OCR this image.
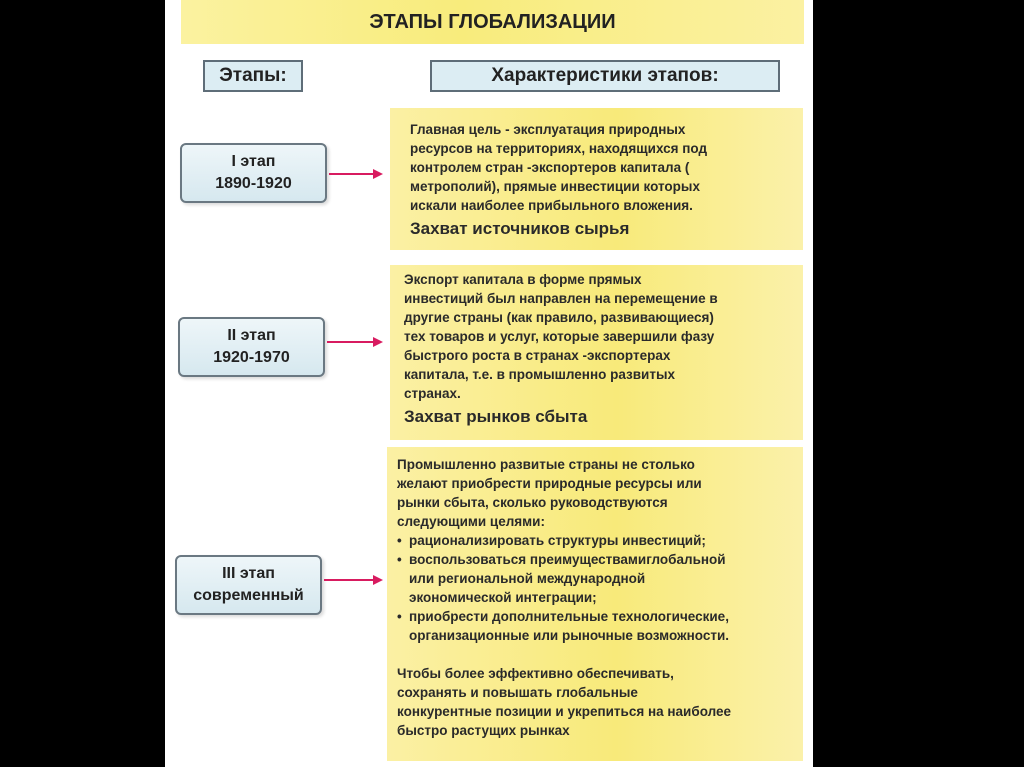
ЭТАПЫ ГЛОБАЛИЗАЦИИ
Этапы:	Характеристики этапов:
I этап
1890-1920

Главная цель - эксплуатация природных

ресурсов на территориях, находящихся под

контролем стран -экспортеров капитала (

метрополий), прямые инвестиции которых

искали наиболее прибыльного вложения.

Захват источников сырья

II этап
1920-1970

Экспорт капитала в форме прямых

инвестиций был направлен на перемещение в

другие страны (как правило, развивающиеся)

тех товаров и услуг, которые завершили фазу

быстрого роста в странах -экспортерах

капитала, т.е. в промышленно развитых

странах.

Захват рынков сбыта

III этап
современный

Промышленно развитые страны не столько

желают приобрести природные ресурсы или

рынки сбыта, сколько руководствуются

следующими целями:

• рационализировать структуры инвестиций;
• воспользоваться преимуществамиглобальной
или региональной международной
экономической интеграции;
• приобрести дополнительные технологические,
организационные или рыночные возможности.

Чтобы более эффективно обеспечивать,

сохранять и повышать глобальные

конкурентные позиции и укрепиться на наиболее

быстро растущих рынках
